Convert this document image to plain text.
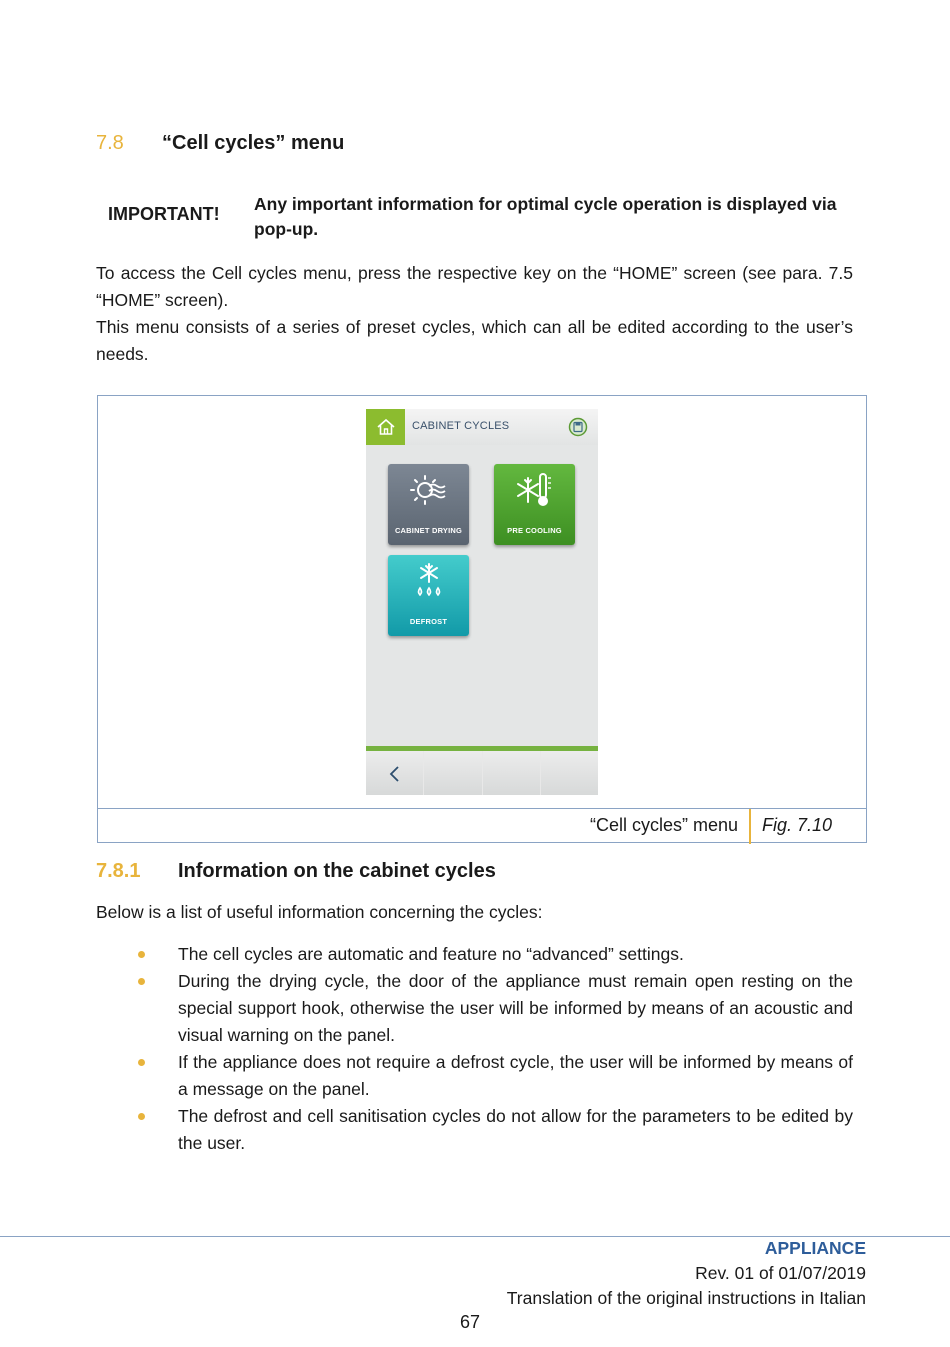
7.8	“Cell cycles” menu
IMPORTANT!	Any important information for optimal cycle operation is displayed via pop-up.

To access the Cell cycles menu, press the respective key on the “HOME” screen (see para. 7.5 “HOME” screen).

This menu consists of a series of preset cycles, which can all be edited according to the user’s needs.

CABINET CYCLES
CABINET DRYING	PRE COOLING
DEFROST
“Cell cycles” menu Fig. 7.10
7.8.1	Information on the cabinet cycles

Below is a list of useful information concerning the cycles:

The cell cycles are automatic and feature no “advanced” settings.
During the drying cycle, the door of the appliance must remain open resting on the special support hook, otherwise the user will be informed by means of an acoustic and visual warning on the panel.
If the appliance does not require a defrost cycle, the user will be informed by means of a message on the panel.
The defrost and cell sanitisation cycles do not allow for the parameters to be edited by the user.
APPLIANCE
Rev. 01 of 01/07/2019
Translation of the original instructions in Italian
67
